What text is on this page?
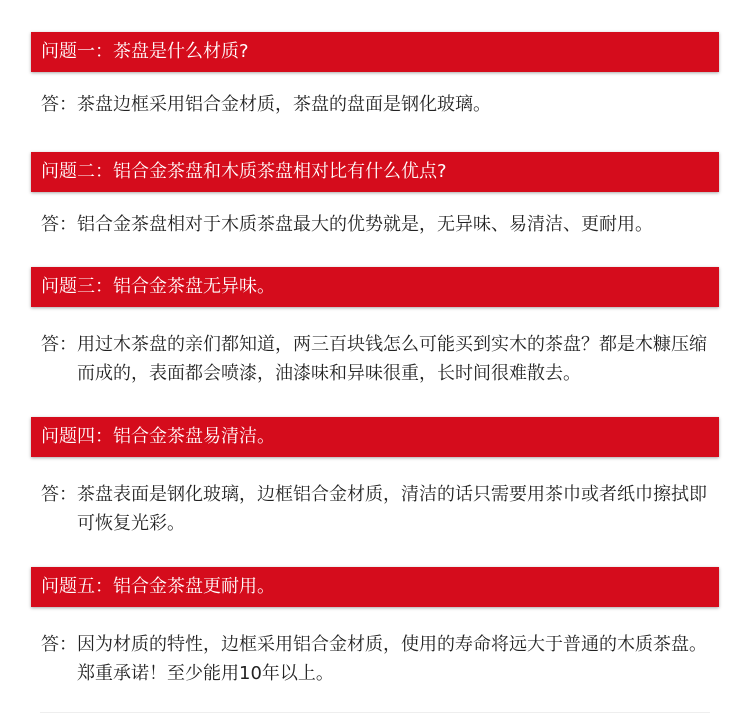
问题一：茶盘是什么材质?
答： 茶盘边框采用铝合金材质，茶盘的盘面是钢化玻璃。
问题二：铝合金茶盘和木质茶盘相对比有什么优点?
答： 铝合金茶盘相对于木质茶盘最大的优势就是，无异味、易清洁、更耐用。
问题三：铝合金茶盘无异味。
答： 用过木茶盘的亲们都知道，两三百块钱怎么可能买到实木的茶盘？都是木糠压缩而成的，表面都会喷漆，油漆味和异味很重，长时间很难散去。
问题四：铝合金茶盘易清洁。
答： 茶盘表面是钢化玻璃，边框铝合金材质，清洁的话只需要用茶巾或者纸巾擦拭即可恢复光彩。
问题五：铝合金茶盘更耐用。
答： 因为材质的特性，边框采用铝合金材质，使用的寿命将远大于普通的木质茶盘。郑重承诺！至少能用10年以上。
